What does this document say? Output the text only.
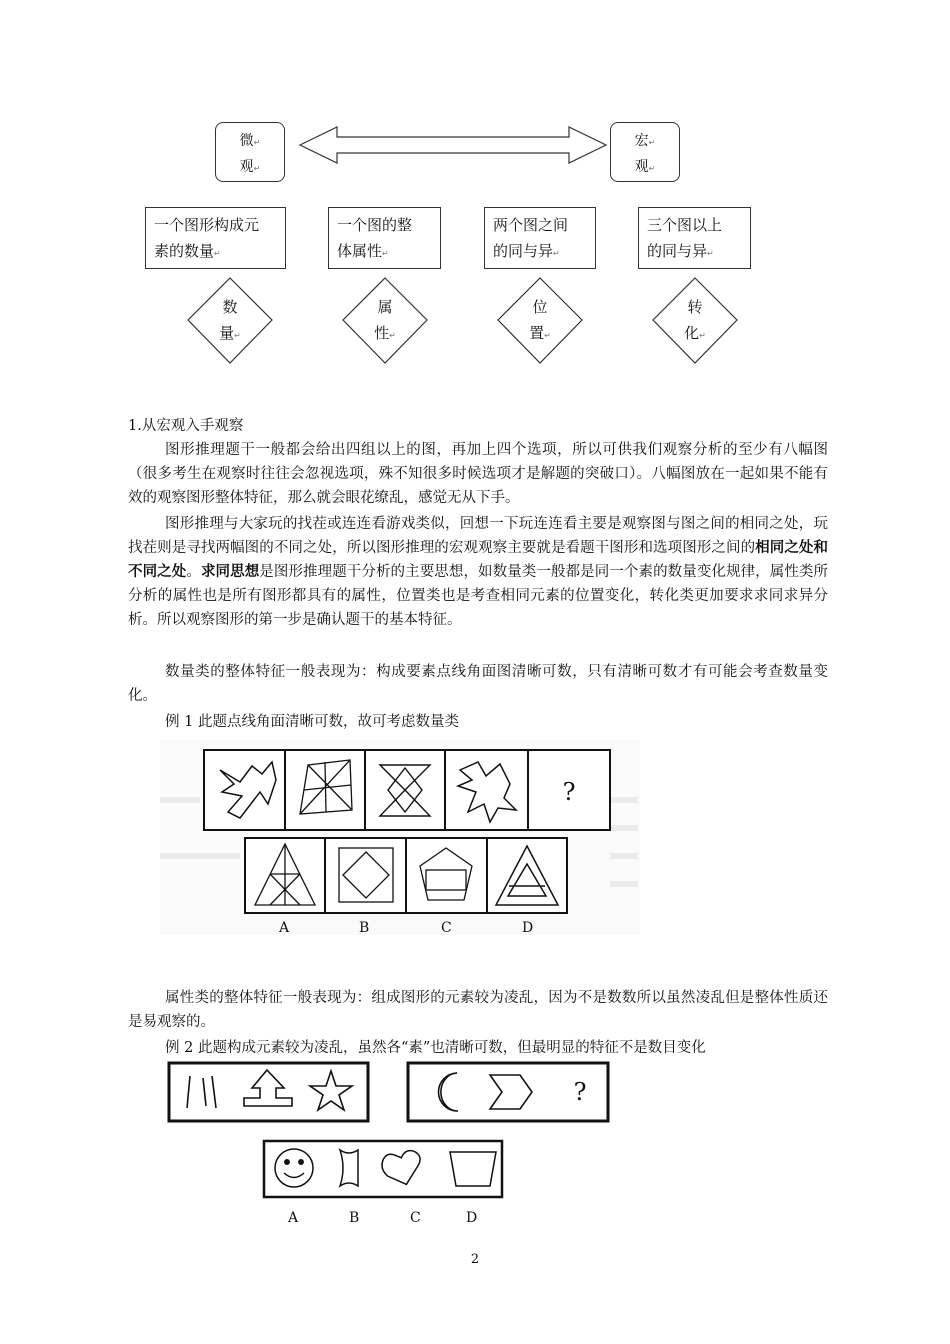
微↵
观↵
宏↵
观↵
一个图形构成元
素的数量↵
一个图的整
体属性↵
两个图之间
的同与异↵
三个图以上
的同与异↵
数
量↵
属
性↵
位
置↵
转
化↵
1.从宏观入手观察
图形推理题干一般都会给出四组以上的图，再加上四个选项，所以可供我们观察分析的至少有八幅图（很多考生在观察时往往会忽视选项，殊不知很多时候选项才是解题的突破口）。八幅图放在一起如果不能有效的观察图形整体特征，那么就会眼花缭乱，感觉无从下手。
图形推理与大家玩的找茬或连连看游戏类似，回想一下玩连连看主要是观察图与图之间的相同之处，玩找茬则是寻找两幅图的不同之处，所以图形推理的宏观观察主要就是看题干图形和选项图形之间的相同之处和不同之处。求同思想是图形推理题干分析的主要思想，如数量类一般都是同一个素的数量变化规律，属性类所分析的属性也是所有图形都具有的属性，位置类也是考查相同元素的位置变化，转化类更加要求求同求异分析。所以观察图形的第一步是确认题干的基本特征。
数量类的整体特征一般表现为：构成要素点线角面图清晰可数，只有清晰可数才有可能会考查数量变化。
例 1 此题点线角面清晰可数，故可考虑数量类
?
A	B	C	D
属性类的整体特征一般表现为：组成图形的元素较为凌乱，因为不是数数所以虽然凌乱但是整体性质还是易观察的。
例 2 此题构成元素较为凌乱，虽然各“素”也清晰可数，但最明显的特征不是数目变化
?
A	B	C	D
2
